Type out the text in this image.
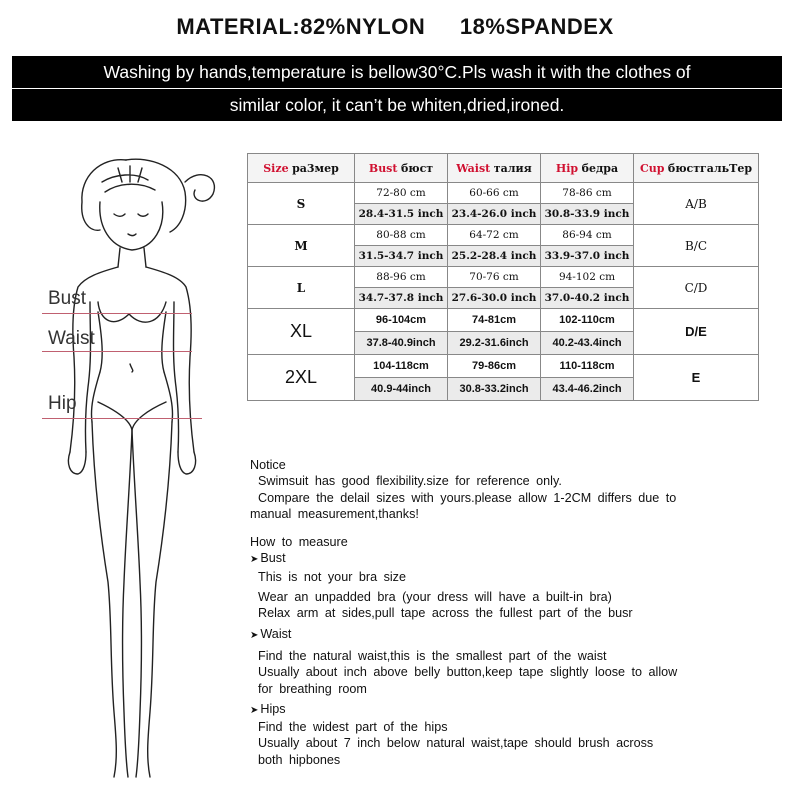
MATERIAL:82%NYLON 18%SPANDEX
Washing by hands,temperature is bellow30°C.Pls wash it with the clothes of
similar color, it can’t be whiten,dried,ironed.
Bust
Waist
Hip
Size pa3мep	Bust бюст	Waist талия	Hip бедра	Cup бюстгальТер
S	72-80 cm	60-66 cm	78-86 cm	A/B
	28.4-31.5 inch	23.4-26.0 inch	30.8-33.9 inch	
M	80-88 cm	64-72 cm	86-94 cm	B/C
	31.5-34.7 inch	25.2-28.4 inch	33.9-37.0 inch	
L	88-96 cm	70-76 cm	94-102 cm	C/D
	34.7-37.8 inch	27.6-30.0 inch	37.0-40.2 inch	
XL	96-104cm	74-81cm	102-110cm	D/E
	37.8-40.9inch	29.2-31.6inch	40.2-43.4inch	
2XL	104-118cm	79-86cm	110-118cm	E
	40.9-44inch	30.8-33.2inch	43.4-46.2inch	
Notice
Swimsuit has good flexibility.size for reference only.
Compare the delail sizes with yours.please allow 1-2CM differs due to
manual measurement,thanks!
How to measure
➤ Bust
This is not your bra size
Wear an unpadded bra (your dress will have a built-in bra)
Relax arm at sides,pull tape across the fullest part of the busr
➤ Waist
Find the natural waist,this is the smallest part of the waist
Usually about inch above belly button,keep tape slightly loose to allow
for breathing room
➤ Hips
Find the widest part of the hips
Usually about 7 inch below natural waist,tape should brush across
both hipbones
